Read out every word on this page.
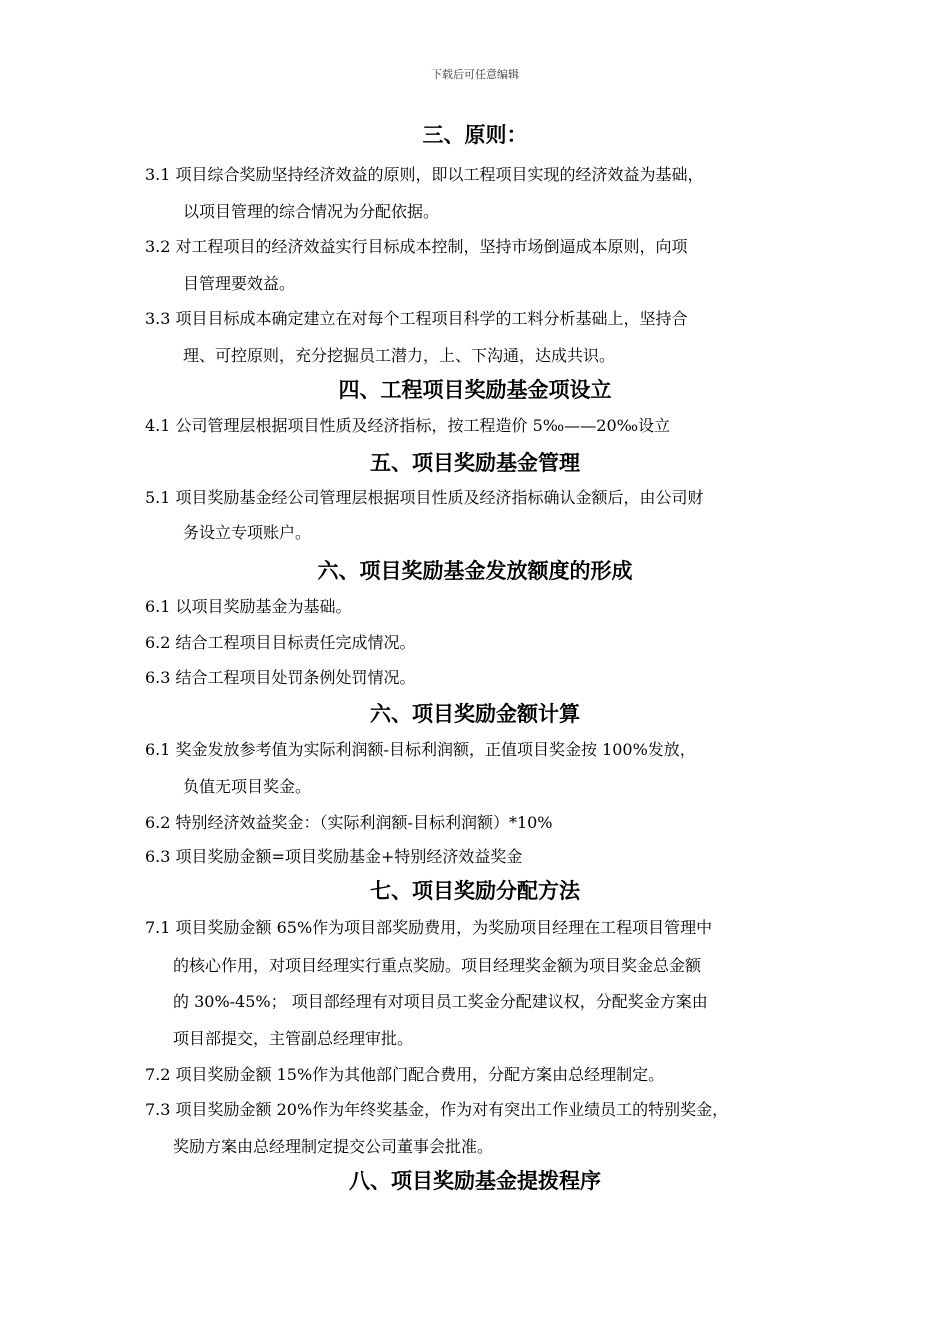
下载后可任意编辑
三、原则：
3.1 项目综合奖励坚持经济效益的原则，即以工程项目实现的经济效益为基础，
以项目管理的综合情况为分配依据。
3.2 对工程项目的经济效益实行目标成本控制，坚持市场倒逼成本原则，向项
目管理要效益。
3.3 项目目标成本确定建立在对每个工程项目科学的工料分析基础上，坚持合
理、可控原则，充分挖掘员工潜力，上、下沟通，达成共识。
四、工程项目奖励基金项设立
4.1 公司管理层根据项目性质及经济指标，按工程造价 5‰——20‰设立
五、项目奖励基金管理
5.1 项目奖励基金经公司管理层根据项目性质及经济指标确认金额后，由公司财
务设立专项账户。
六、项目奖励基金发放额度的形成
6.1 以项目奖励基金为基础。
6.2 结合工程项目目标责任完成情况。
6.3 结合工程项目处罚条例处罚情况。
六、项目奖励金额计算
6.1 奖金发放参考值为实际利润额-目标利润额，正值项目奖金按 100%发放，
负值无项目奖金。
6.2 特别经济效益奖金：（实际利润额-目标利润额）*10%
6.3 项目奖励金额=项目奖励基金+特别经济效益奖金
七、项目奖励分配方法
7.1 项目奖励金额 65%作为项目部奖励费用，为奖励项目经理在工程项目管理中
的核心作用，对项目经理实行重点奖励。项目经理奖金额为项目奖金总金额
的 30%-45%； 项目部经理有对项目员工奖金分配建议权，分配奖金方案由
项目部提交，主管副总经理审批。
7.2 项目奖励金额 15%作为其他部门配合费用，分配方案由总经理制定。
7.3 项目奖励金额 20%作为年终奖基金，作为对有突出工作业绩员工的特别奖金，
奖励方案由总经理制定提交公司董事会批准。
八、项目奖励基金提拨程序
